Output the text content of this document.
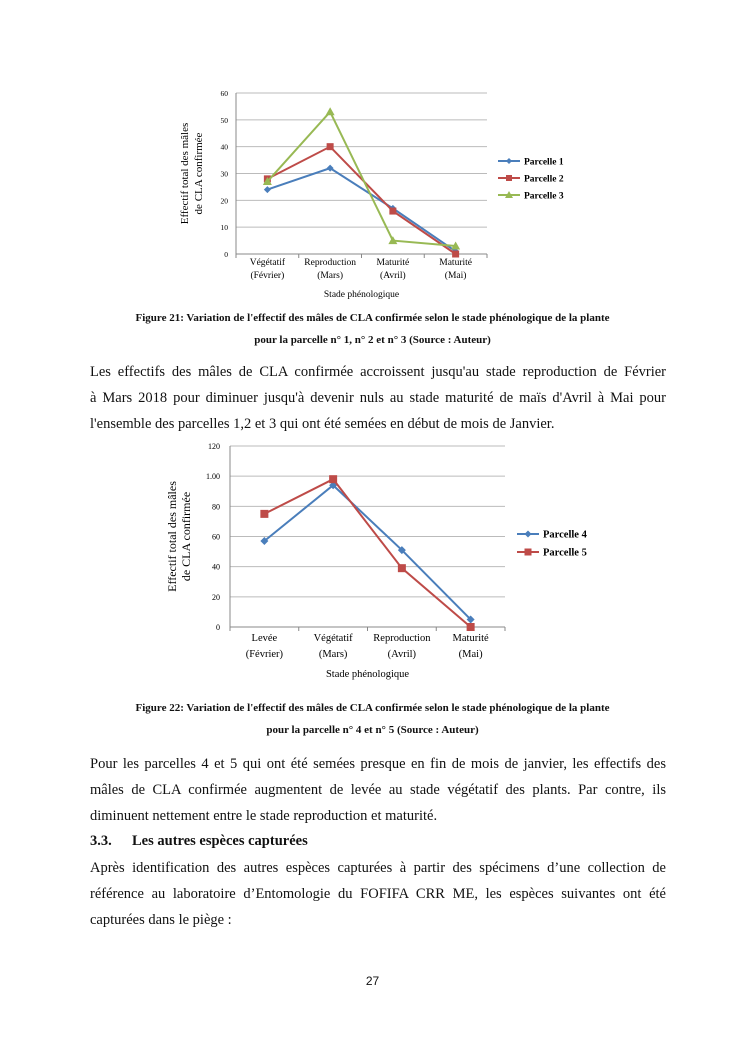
0
10
20
30
40
50
60
Végétatif
(Février)
Reproduction
(Mars)
Maturité
(Avril)
Maturité
(Mai)
Stade phénologique
Effectif total des mâles de CLA confirmée	Parcelle 1
Parcelle 2
Parcelle 3
Figure 21: Variation de l'effectif des mâles de CLA confirmée selon le stade phénologique de la plante
pour la parcelle n° 1, n° 2 et n° 3 (Source : Auteur)
Les effectifs des mâles de CLA confirmée accroissent jusqu'au stade reproduction de Février
à Mars 2018 pour diminuer jusqu'à devenir nuls au stade maturité de maïs d'Avril à Mai pour
l'ensemble des parcelles 1,2 et 3 qui ont été semées en début de mois de Janvier.
0
20
40
60
80
1.00
120
Levée
(Février)
Végétatif
(Mars)
Reproduction
(Avril)
Maturité
(Mai)
Stade phénologique
Effectif total des mâles de CLA confirmée	Parcelle 4
Parcelle 5
Figure 22: Variation de l'effectif des mâles de CLA confirmée selon le stade phénologique de la plante
pour la parcelle n° 4 et n° 5 (Source : Auteur)
Pour les parcelles 4 et 5 qui ont été semées presque en fin de mois de janvier, les effectifs des
mâles de CLA confirmée augmentent de levée au stade végétatif des plants. Par contre, ils
diminuent nettement entre le stade reproduction et maturité.
3.3. Les autres espèces capturées
Après identification des autres espèces capturées à partir des spécimens d’une collection de
référence au laboratoire d’Entomologie du FOFIFA CRR ME, les espèces suivantes ont été
capturées dans le piège :
27
